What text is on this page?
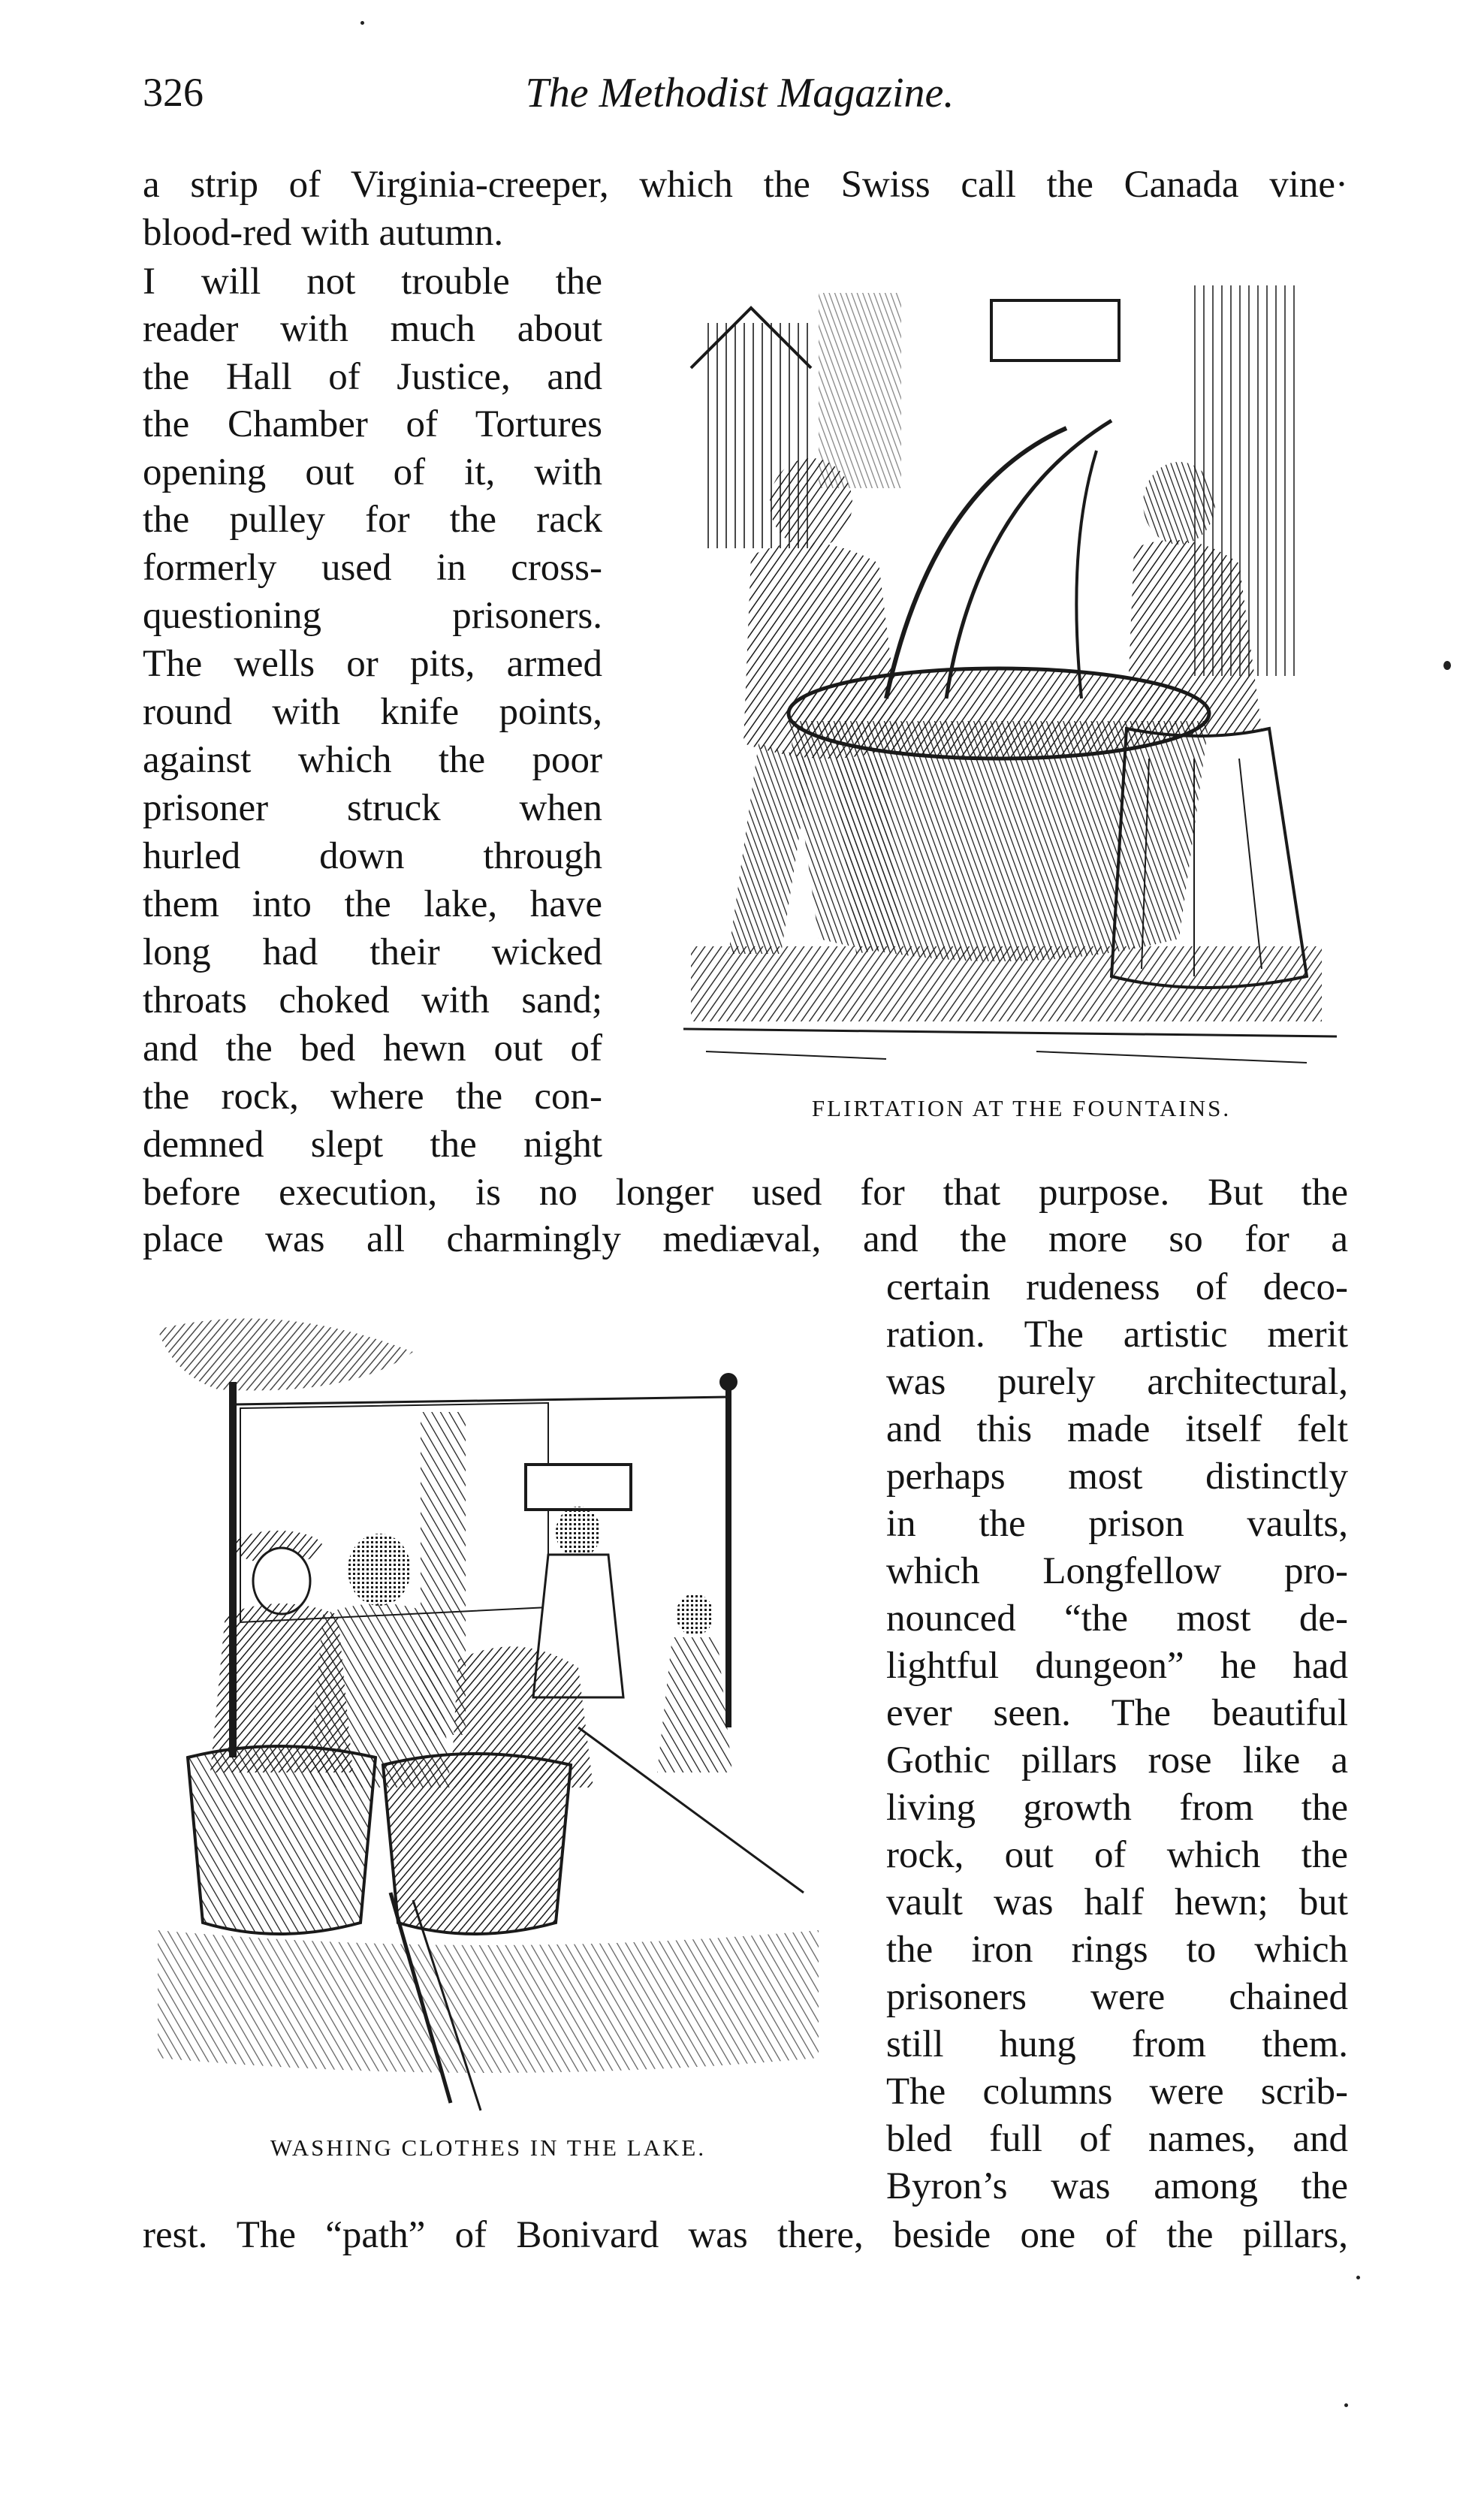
326	The Methodist Magazine.
a strip of Virginia-creeper, which the Swiss call the Canada vine·
blood-red with autumn.
I will not trouble the
reader with much about
the Hall of Justice, and
the Chamber of Tortures
opening out of it, with
the pulley for the rack
formerly used in cross-
questioning prisoners.
The wells or pits, armed
round with knife points,
against which the poor
prisoner struck when
hurled down through
them into the lake, have
long had their wicked
throats choked with sand;
and the bed hewn out of
the rock, where the con-
demned slept the night
FLIRTATION AT THE FOUNTAINS.
before execution, is no longer used for that purpose. But the
place was all charmingly mediæval, and the more so for a
WASHING CLOTHES IN THE LAKE.
certain rudeness of deco-
ration. The artistic merit
was purely architectural,
and this made itself felt
perhaps most distinctly
in the prison vaults,
which Longfellow pro-
nounced “the most de-
lightful dungeon” he had
ever seen. The beautiful
Gothic pillars rose like a
living growth from the
rock, out of which the
vault was half hewn; but
the iron rings to which
prisoners were chained
still hung from them.
The columns were scrib-
bled full of names, and
Byron’s was among the
rest. The “path” of Bonivard was there, beside one of the pillars,
